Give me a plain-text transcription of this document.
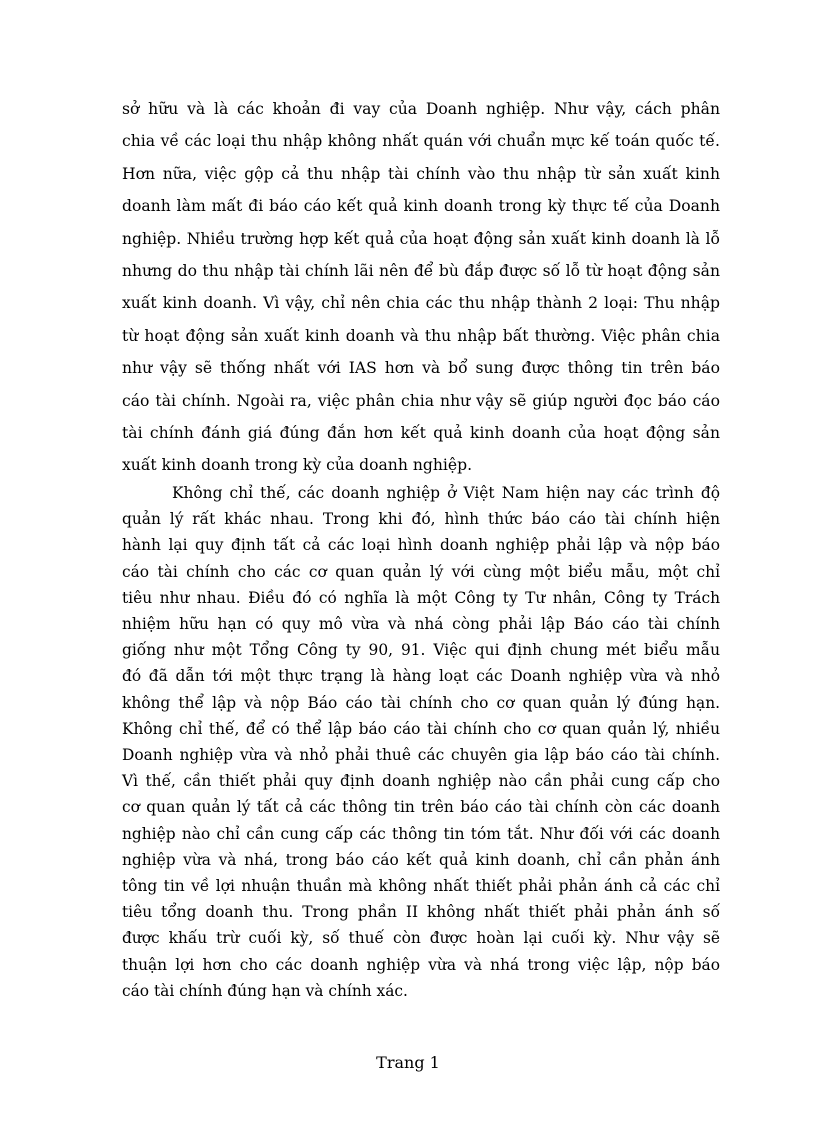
sở hữu và là các khoản đi vay của Doanh nghiệp. Như vậy, cách phân
chia về các loại thu nhập không nhất quán với chuẩn mực kế toán quốc tế.
Hơn nữa, việc gộp cả thu nhập tài chính vào thu nhập từ sản xuất kinh
doanh làm mất đi báo cáo kết quả kinh doanh trong kỳ thực tế của Doanh
nghiệp. Nhiều trường hợp kết quả của hoạt động sản xuất kinh doanh là lỗ
nhưng do thu nhập tài chính lãi nên để bù đắp được số lỗ từ hoạt động sản
xuất kinh doanh. Vì vậy, chỉ nên chia các thu nhập thành 2 loại: Thu nhập
từ hoạt động sản xuất kinh doanh và thu nhập bất thường. Việc phân chia
như vậy sẽ thống nhất với IAS hơn và bổ sung được thông tin trên báo
cáo tài chính. Ngoài ra, việc phân chia như vậy sẽ giúp người đọc báo cáo
tài chính đánh giá đúng đắn hơn kết quả kinh doanh của hoạt động sản
xuất kinh doanh trong kỳ của doanh nghiệp.
Không chỉ thế, các doanh nghiệp ở Việt Nam hiện nay các trình độ
quản lý rất khác nhau. Trong khi đó, hình thức báo cáo tài chính hiện
hành lại quy định tất cả các loại hình doanh nghiệp phải lập và nộp báo
cáo tài chính cho các cơ quan quản lý với cùng một biểu mẫu, một chỉ
tiêu như nhau. Điều đó có nghĩa là một Công ty Tư nhân, Công ty Trách
nhiệm hữu hạn có quy mô vừa và nhá còng phải lập Báo cáo tài chính
giống như một Tổng Công ty 90, 91. Việc qui định chung mét biểu mẫu
đó đã dẫn tới một thực trạng là hàng loạt các Doanh nghiệp vừa và nhỏ
không thể lập và nộp Báo cáo tài chính cho cơ quan quản lý đúng hạn.
Không chỉ thế, để có thể lập báo cáo tài chính cho cơ quan quản lý, nhiều
Doanh nghiệp vừa và nhỏ phải thuê các chuyên gia lập báo cáo tài chính.
Vì thế, cần thiết phải quy định doanh nghiệp nào cần phải cung cấp cho
cơ quan quản lý tất cả các thông tin trên báo cáo tài chính còn các doanh
nghiệp nào chỉ cần cung cấp các thông tin tóm tắt. Như đối với các doanh
nghiệp vừa và nhá, trong báo cáo kết quả kinh doanh, chỉ cần phản ánh
tông tin về lợi nhuận thuần mà không nhất thiết phải phản ánh cả các chỉ
tiêu tổng doanh thu. Trong phần II không nhất thiết phải phản ánh số
được khấu trừ cuối kỳ, số thuế còn được hoàn lại cuối kỳ. Như vậy sẽ
thuận lợi hơn cho các doanh nghiệp vừa và nhá trong việc lập, nộp báo
cáo tài chính đúng hạn và chính xác.
Trang 1
